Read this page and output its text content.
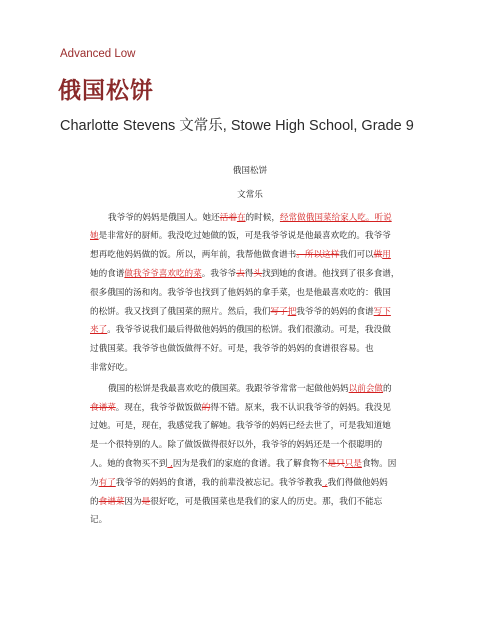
Advanced Low
俄国松饼
Charlotte Stevens 文常乐, Stowe High School, Grade 9

俄国松饼

文常乐

我爷爷的妈妈是俄国人。她还活着在的时候，经常做俄国菜给家人吃。听说
她是非常好的厨师。我没吃过她做的饭，可是我爷爷说是他最喜欢吃的。我爷爷
想再吃他妈妈做的饭。所以，两年前，我帮他做食谱书。所以这样我们可以做用
她的食谱做我爷爷喜欢吃的菜。我爷爷去得头找到她的食谱。他找到了很多食谱，
很多俄国的汤和肉。我爷爷也找到了他妈妈的拿手菜，也是他最喜欢吃的：俄国
的松饼。我又找到了俄国菜的照片。然后，我们写了把我爷爷的妈妈的食谱写下
来了。我爷爷说我们最后得做他妈妈的俄国的松饼。我们很激动。可是，我没做
过俄国菜。我爷爷也做饭做得不好。可是，我爷爷的妈妈的食谱很容易。也
非常好吃。
俄国的松饼是我最喜欢吃的俄国菜。我跟爷爷常常一起做他妈妈以前会做的
食谱菜。现在，我爷爷做饭做的得不错。原来，我不认识我爷爷的妈妈。我没见
过她。可是，现在，我感觉我了解她。我爷爷的妈妈已经去世了，可是我知道她
是一个很特别的人。除了做饭做得很好以外，我爷爷的妈妈还是一个很聪明的
人。她的食物买不到 ,因为是我们的家庭的食谱。我了解食物不是只只是食物。因
为有了我爷爷的妈妈的食谱，我的前辈没被忘记。我爷爷教我 ,我们得做他妈妈
的食谱菜因为是很好吃，可是俄国菜也是我们的家人的历史。那，我们不能忘
记。
